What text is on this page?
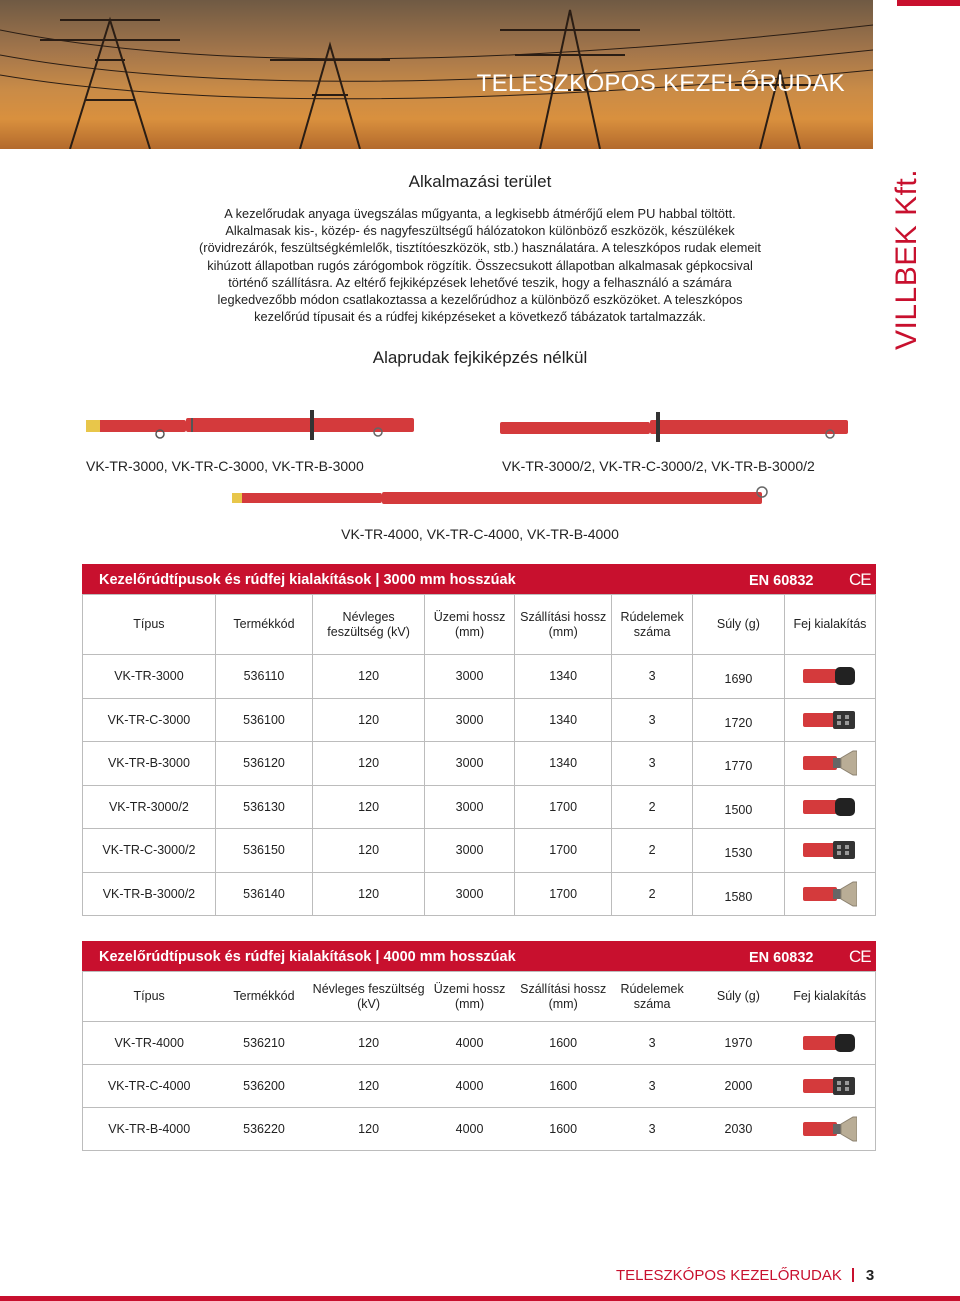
TELESZKÓPOS KEZELŐRUDAK
VILLBEK Kft.
Alkalmazási terület
A kezelőrudak anyaga üvegszálas műgyanta, a legkisebb átmérőjű elem PU habbal töltött.
Alkalmasak kis-, közép- és nagyfeszültségű hálózatokon különböző eszközök, készülékek
(rövidrezárók, feszültségkémlelők, tisztítóeszközök, stb.) használatára. A teleszkópos rudak elemeit
kihúzott állapotban rugós zárógombok rögzítik. Összecsukott állapotban alkalmasak gépkocsival
történő szállításra. Az eltérő fejkiképzések lehetővé teszik, hogy a felhasználó a számára
legkedvezőbb módon csatlakoztassa a kezelőrúdhoz a különböző eszközöket. A teleszkópos
kezelőrúd típusait és a rúdfej kiképzéseket a következő tábázatok tartalmazzák.
Alaprudak fejkiképzés nélkül
VK-TR-3000, VK-TR-C-3000, VK-TR-B-3000	VK-TR-3000/2, VK-TR-C-3000/2, VK-TR-B-3000/2
VK-TR-4000, VK-TR-C-4000, VK-TR-B-4000
Kezelőrúdtípusok és rúdfej kialakítások | 3000 mm hosszúak	EN 60832 CE
Típus	Termékkód	Névleges feszültség (kV)	Üzemi hossz (mm)	Szállítási hossz (mm)	Rúdelemek száma	Súly (g)	Fej kialakítás
VK-TR-3000	536110	120	3000	1340	3	1690	
VK-TR-C-3000	536100	120	3000	1340	3	1720	
VK-TR-B-3000	536120	120	3000	1340	3	1770	
VK-TR-3000/2	536130	120	3000	1700	2	1500	
VK-TR-C-3000/2	536150	120	3000	1700	2	1530	
VK-TR-B-3000/2	536140	120	3000	1700	2	1580	
Kezelőrúdtípusok és rúdfej kialakítások | 4000 mm hosszúak	EN 60832 CE
Típus	Termékkód	Névleges feszültség (kV)	Üzemi hossz (mm)	Szállítási hossz (mm)	Rúdelemek száma	Súly (g)	Fej kialakítás
VK-TR-4000	536210	120	4000	1600	3	1970	
VK-TR-C-4000	536200	120	4000	1600	3	2000	
VK-TR-B-4000	536220	120	4000	1600	3	2030	
TELESZKÓPOS KEZELŐRUDAK 3
